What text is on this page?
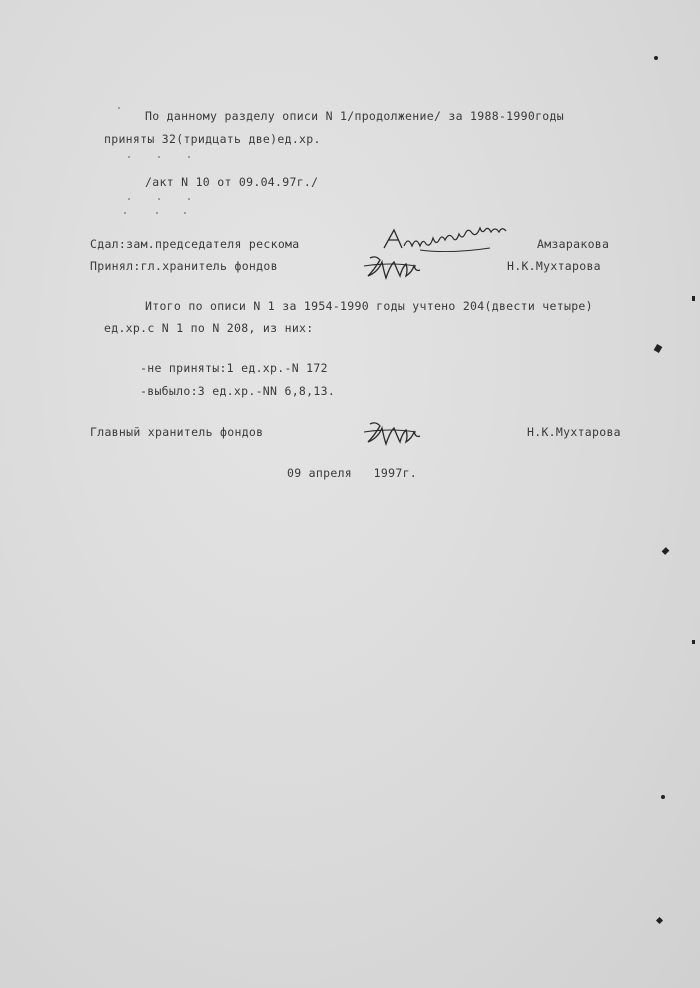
По данному разделу описи N 1/продолжение/ за 1988-1990годы
приняты 32(тридцать две)ед.хр.
/акт N 10 от 09.04.97г./
Сдал:зам.председателя рескома	Амзаракова
Принял:гл.хранитель фондов	Н.К.Мухтарова
Итого по описи N 1 за 1954-1990 годы учтено 204(двести четыре)
ед.хр.с N 1 по N 208, из них:
-не приняты:1 ед.хр.-N 172
-выбыло:3 ед.хр.-NN 6,8,13.
Главный хранитель фондов	Н.К.Мухтарова
09 апреля   1997г.
